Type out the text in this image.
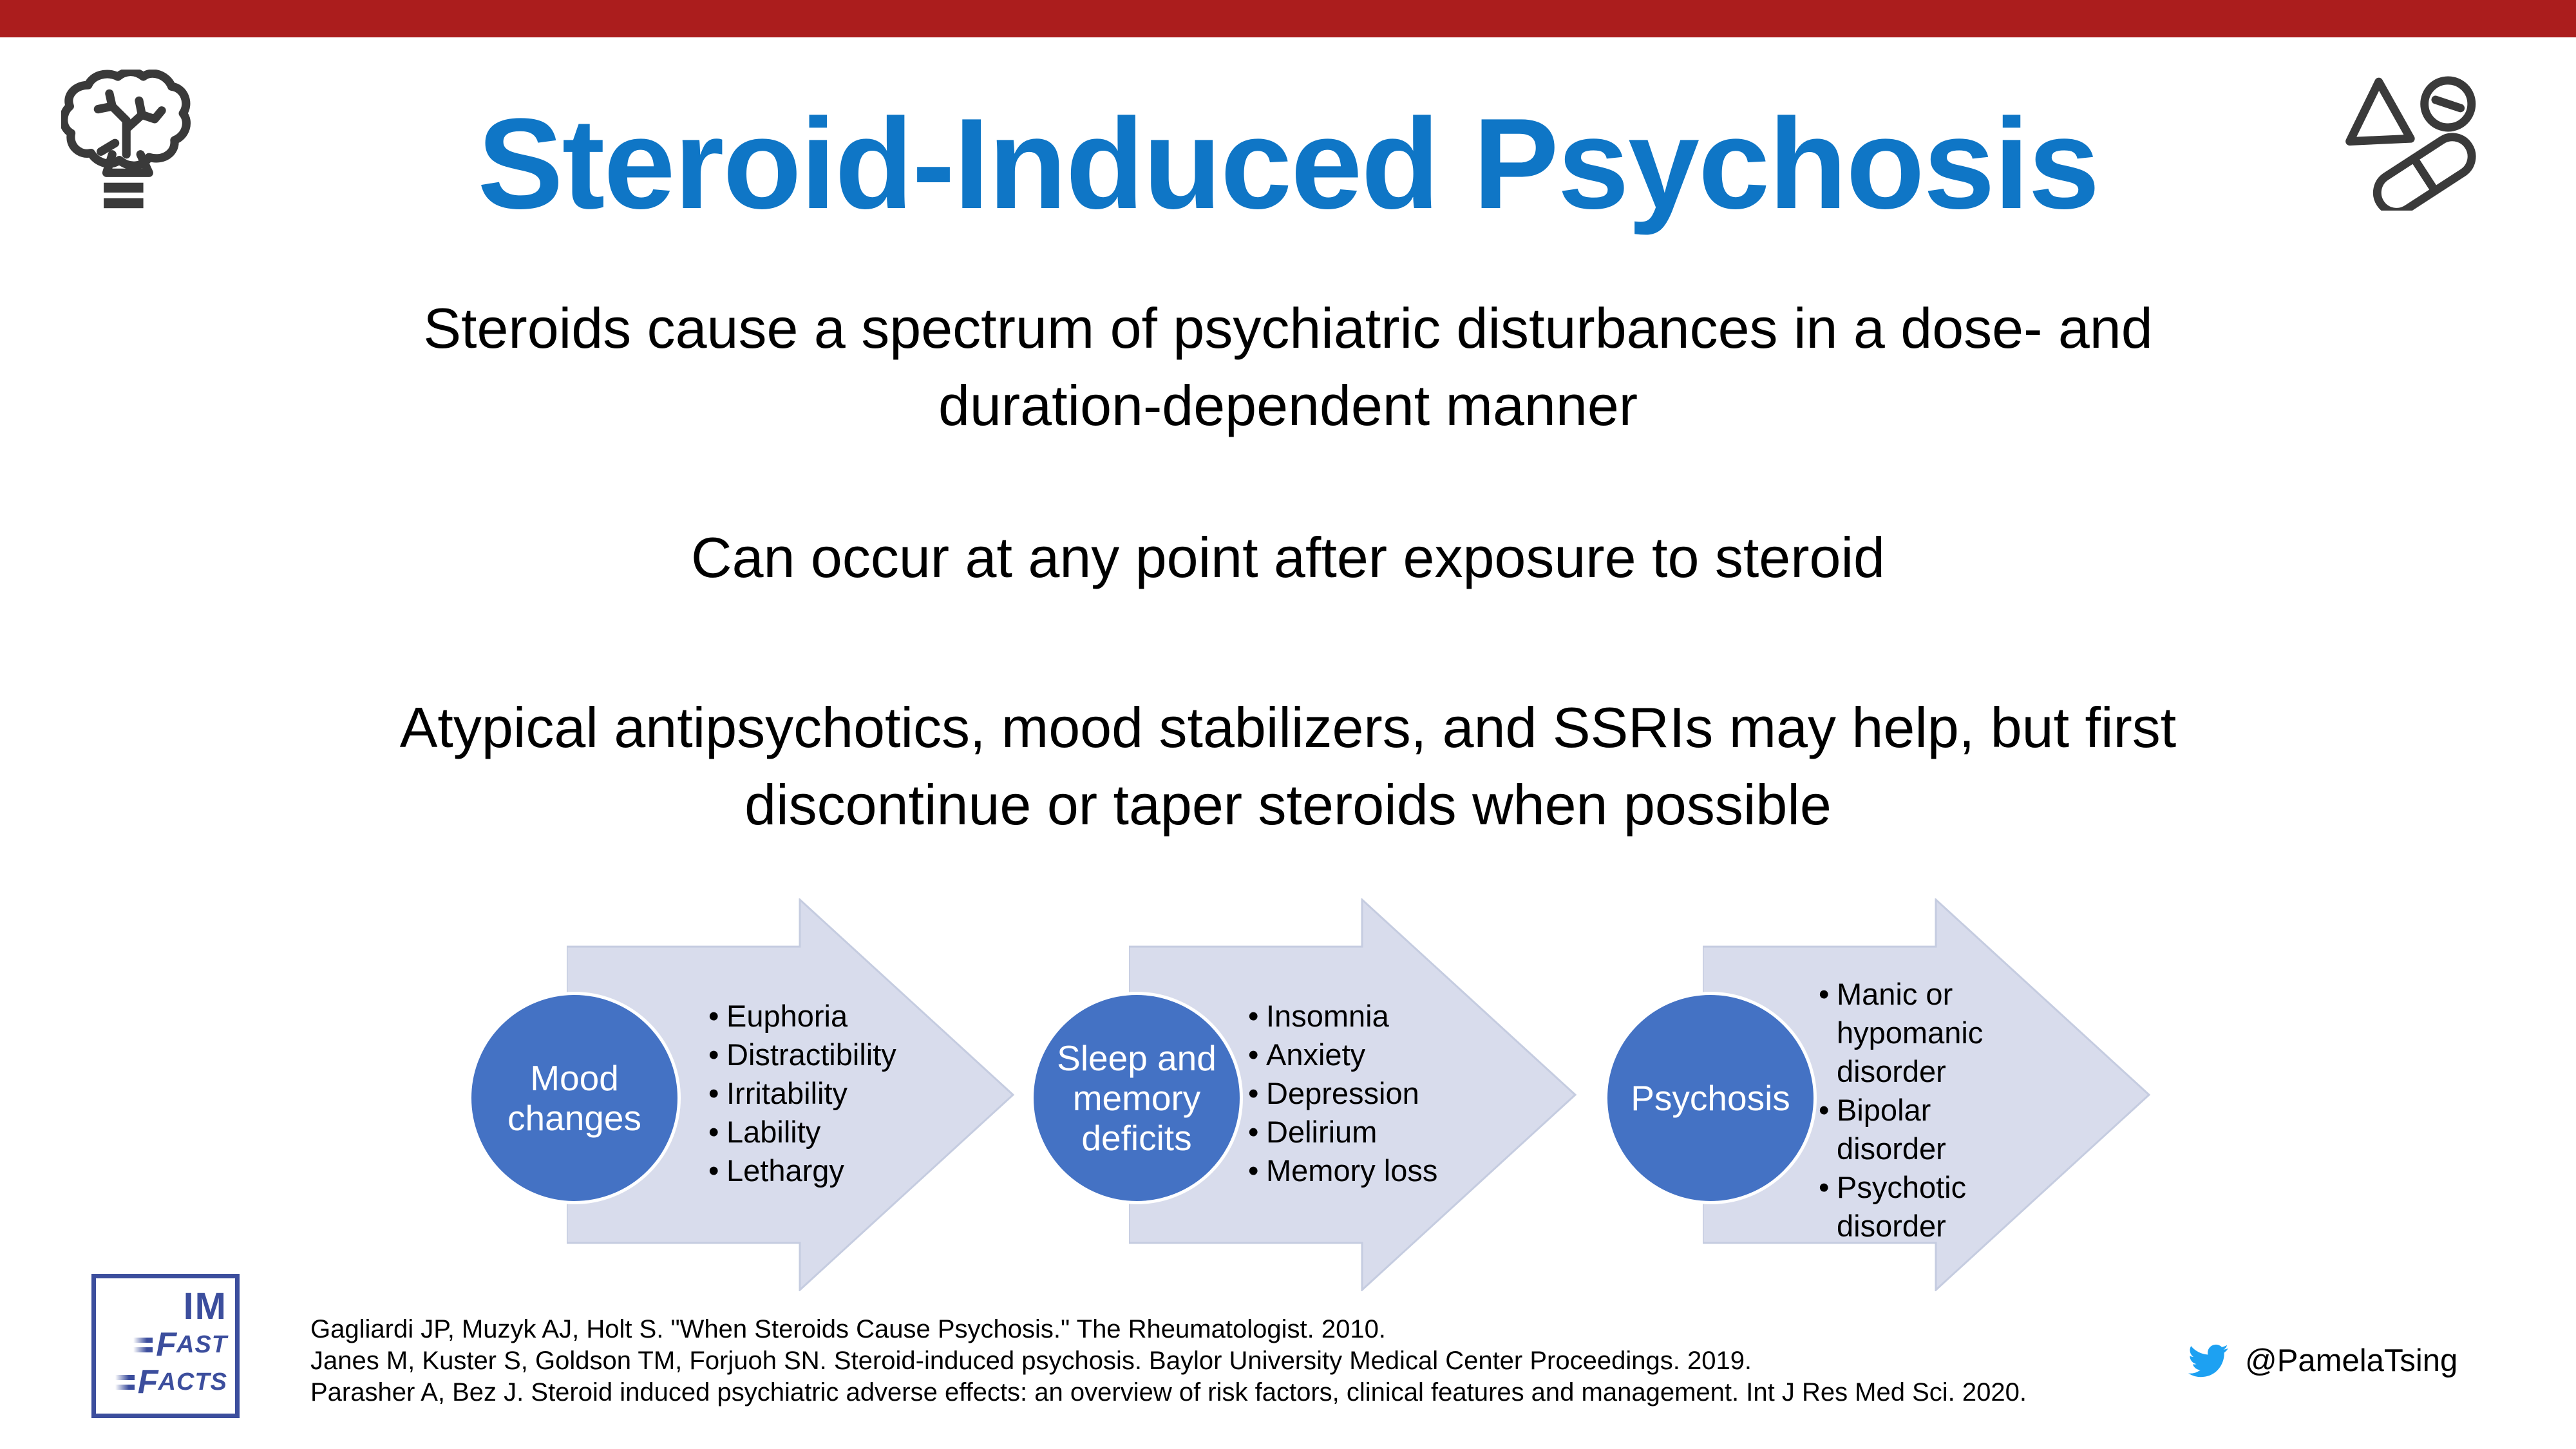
Steroid-Induced Psychosis
Steroids cause a spectrum of psychiatric disturbances in a dose- and
duration-dependent manner
Can occur at any point after exposure to steroid
Atypical antipsychotics, mood stabilizers, and SSRIs may help, but first
discontinue or taper steroids when possible
Mood
changes
Sleep and
memory
deficits
Psychosis
• Euphoria
• Distractibility
• Irritability
• Lability
• Lethargy
• Insomnia
• Anxiety
• Depression
• Delirium
• Memory loss
• Manic or hypomanic disorder
• Bipolar disorder
• Psychotic disorder
IM
F AST
F ACTS
Gagliardi JP, Muzyk AJ, Holt S. "When Steroids Cause Psychosis." The Rheumatologist. 2010.
Janes M, Kuster S, Goldson TM, Forjuoh SN. Steroid-induced psychosis. Baylor University Medical Center Proceedings. 2019.
Parasher A, Bez J. Steroid induced psychiatric adverse effects: an overview of risk factors, clinical features and management. Int J Res Med Sci. 2020.
@PamelaTsing
